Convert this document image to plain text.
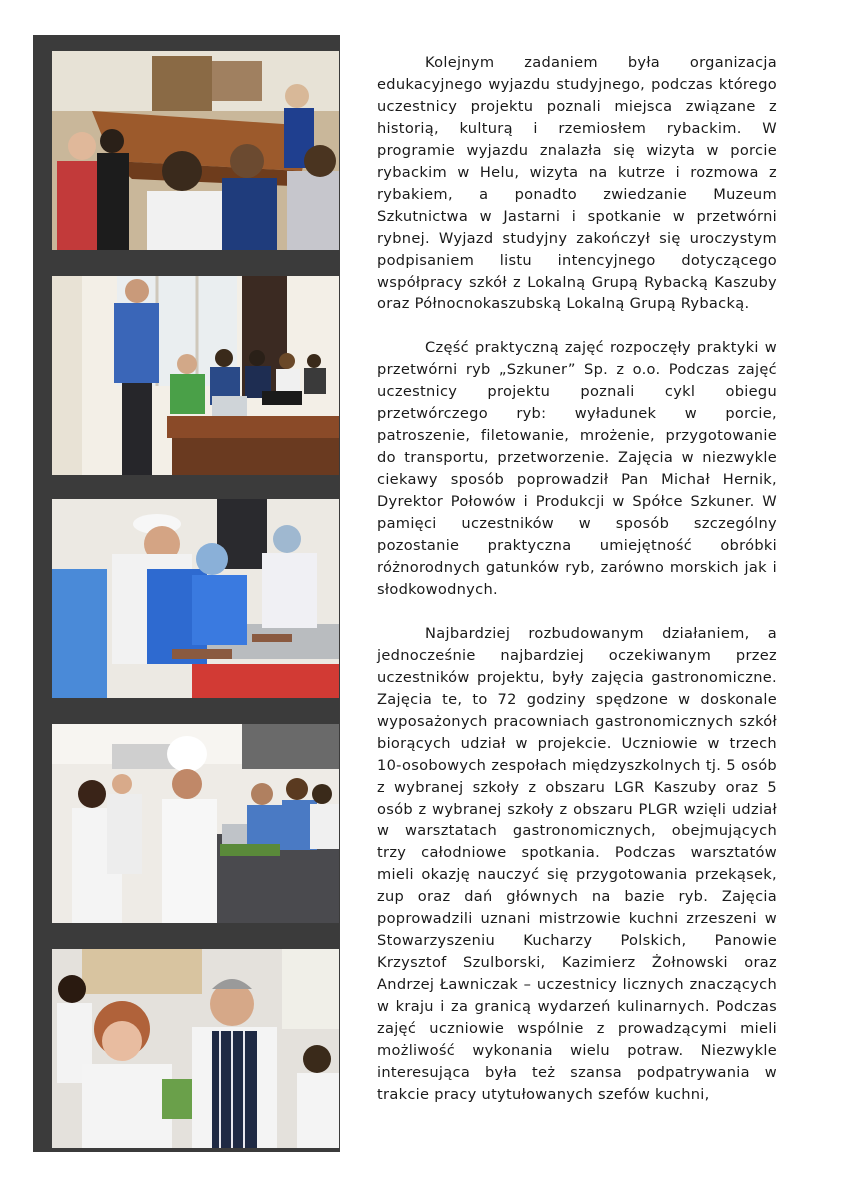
Kolejnym zadaniem była organizacja edukacyjnego wyjazdu studyjnego, podczas którego uczestnicy projektu poznali miejsca związane z historią, kulturą i rzemiosłem rybackim. W programie wyjazdu znalazła się wizyta w porcie rybackim w Helu, wizyta na kutrze i rozmowa z rybakiem, a ponadto zwiedzanie Muzeum Szkutnictwa w Jastarni i spotkanie w przetwórni rybnej. Wyjazd studyjny zakończył się uroczystym podpisaniem listu intencyjnego dotyczącego współpracy szkół z Lokalną Grupą Rybacką Kaszuby oraz Północnokaszubską Lokalną Grupą Rybacką.

Część praktyczną zajęć rozpoczęły praktyki w przetwórni ryb „Szkuner” Sp. z o.o. Podczas zajęć uczestnicy projektu poznali cykl obiegu przetwórczego ryb: wyładunek w porcie, patroszenie, filetowanie, mrożenie, przygotowanie do transportu, przetworzenie. Zajęcia w niezwykle ciekawy sposób poprowadził Pan Michał Hernik, Dyrektor Połowów i Produkcji w Spółce Szkuner. W pamięci uczestników w sposób szczególny pozostanie praktyczna umiejętność obróbki różnorodnych gatunków ryb, zarówno morskich jak i słodkowodnych.

Najbardziej rozbudowanym działaniem, a jednocześnie najbardziej oczekiwanym przez uczestników projektu, były zajęcia gastronomiczne. Zajęcia te, to 72 godziny spędzone w doskonale wyposażonych pracowniach gastronomicznych szkół biorących udział w projekcie. Uczniowie w trzech 10-osobowych zespołach międzyszkolnych tj. 5 osób z wybranej szkoły z obszaru LGR Kaszuby oraz 5 osób z wybranej szkoły z obszaru PLGR wzięli udział w warsztatach gastronomicznych, obejmujących trzy całodniowe spotkania. Podczas warsztatów mieli okazję nauczyć się przygotowania przekąsek, zup oraz dań głównych na bazie ryb. Zajęcia poprowadzili uznani mistrzowie kuchni zrzeszeni w Stowarzyszeniu Kucharzy Polskich, Panowie Krzysztof Szulborski, Kazimierz Żołnowski oraz Andrzej Ławniczak – uczestnicy licznych znaczących w kraju i za granicą wydarzeń kulinarnych. Podczas zajęć uczniowie wspólnie z prowadzącymi mieli możliwość wykonania wielu potraw. Niezwykle interesująca była też szansa podpatrywania w trakcie pracy utytułowanych szefów kuchni,
